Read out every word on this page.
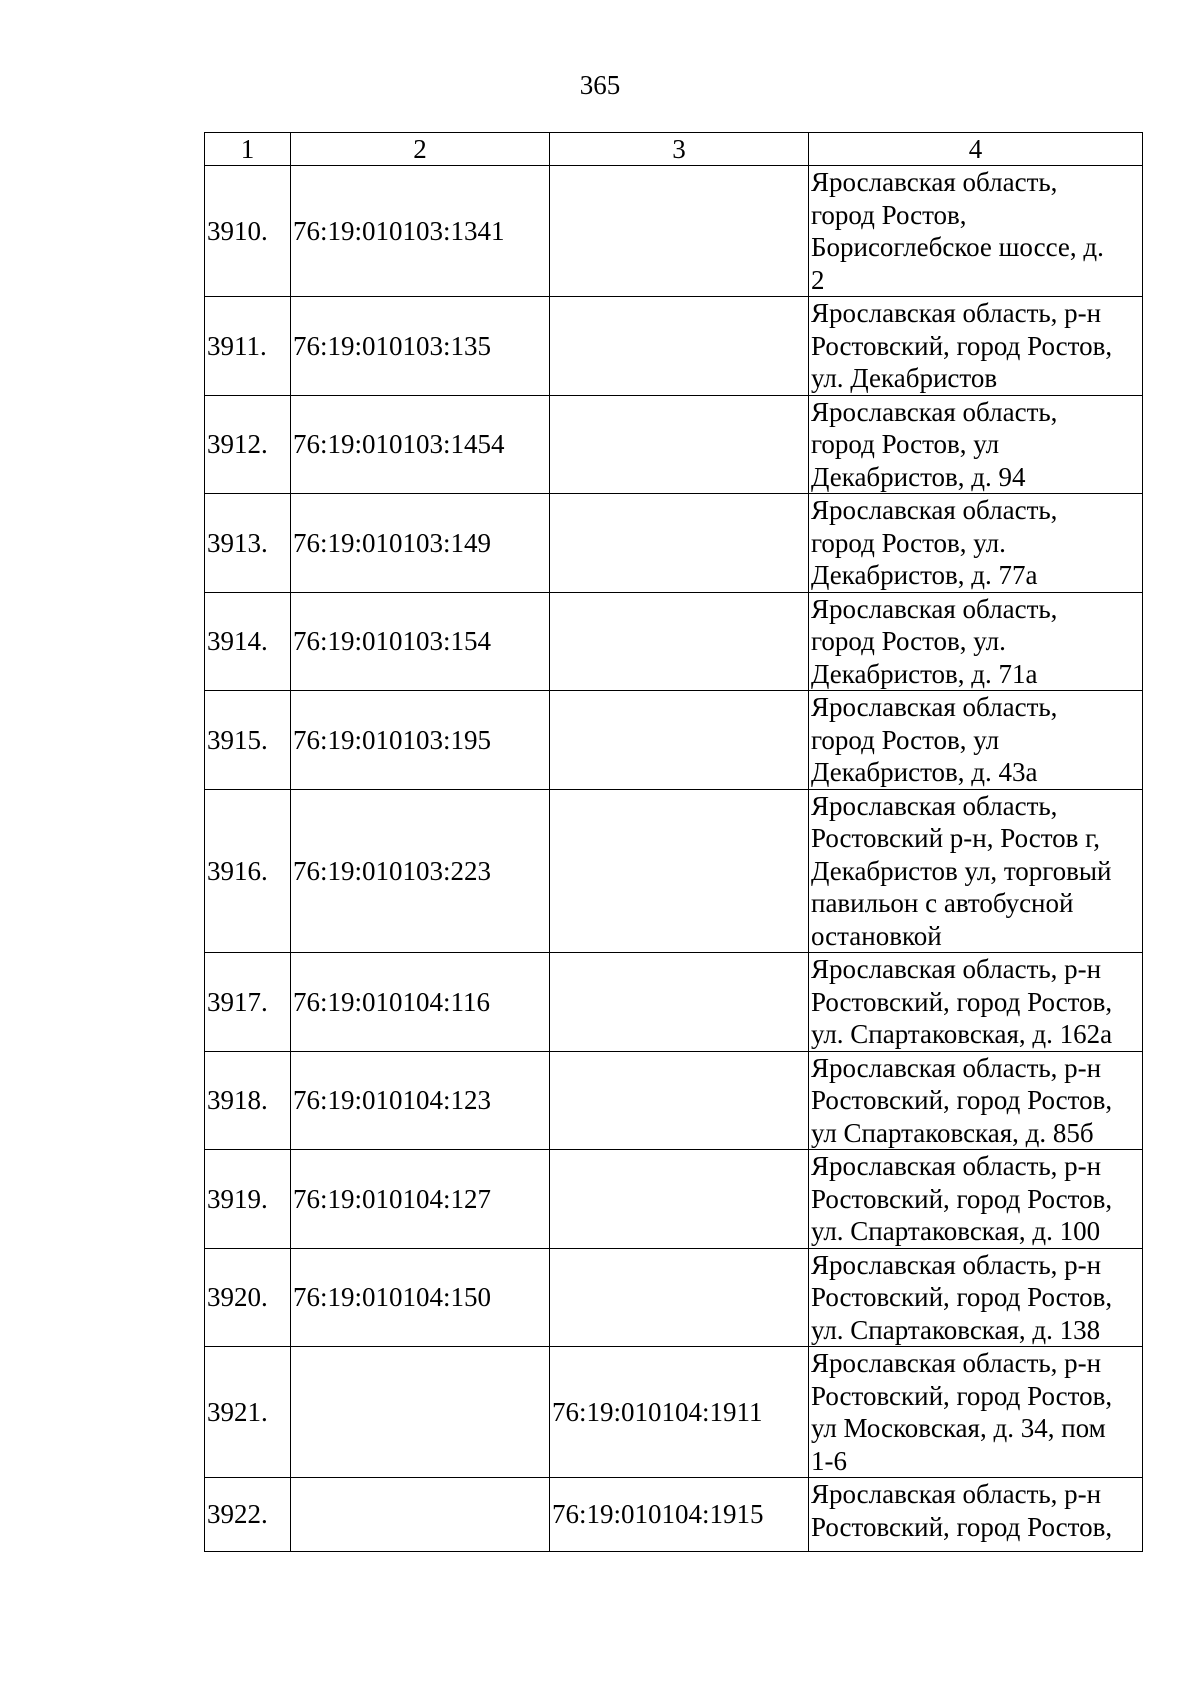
365
1	2	3	4
3910.	76:19:010103:1341		Ярославская область,
город Ростов,
Борисоглебское шоссе, д.
2
3911.	76:19:010103:135		Ярославская область, р-н
Ростовский, город Ростов,
ул. Декабристов
3912.	76:19:010103:1454		Ярославская область,
город Ростов, ул
Декабристов, д. 94
3913.	76:19:010103:149		Ярославская область,
город Ростов, ул.
Декабристов, д. 77а
3914.	76:19:010103:154		Ярославская область,
город Ростов, ул.
Декабристов, д. 71а
3915.	76:19:010103:195		Ярославская область,
город Ростов, ул
Декабристов, д. 43а
3916.	76:19:010103:223		Ярославская область,
Ростовский р-н, Ростов г,
Декабристов ул, торговый
павильон с автобусной
остановкой
3917.	76:19:010104:116		Ярославская область, р-н
Ростовский, город Ростов,
ул. Спартаковская, д. 162а
3918.	76:19:010104:123		Ярославская область, р-н
Ростовский, город Ростов,
ул Спартаковская, д. 85б
3919.	76:19:010104:127		Ярославская область, р-н
Ростовский, город Ростов,
ул. Спартаковская, д. 100
3920.	76:19:010104:150		Ярославская область, р-н
Ростовский, город Ростов,
ул. Спартаковская, д. 138
3921.		76:19:010104:1911	Ярославская область, р-н
Ростовский, город Ростов,
ул Московская, д. 34, пом
1-6
3922.		76:19:010104:1915	Ярославская область, р-н
Ростовский, город Ростов,
